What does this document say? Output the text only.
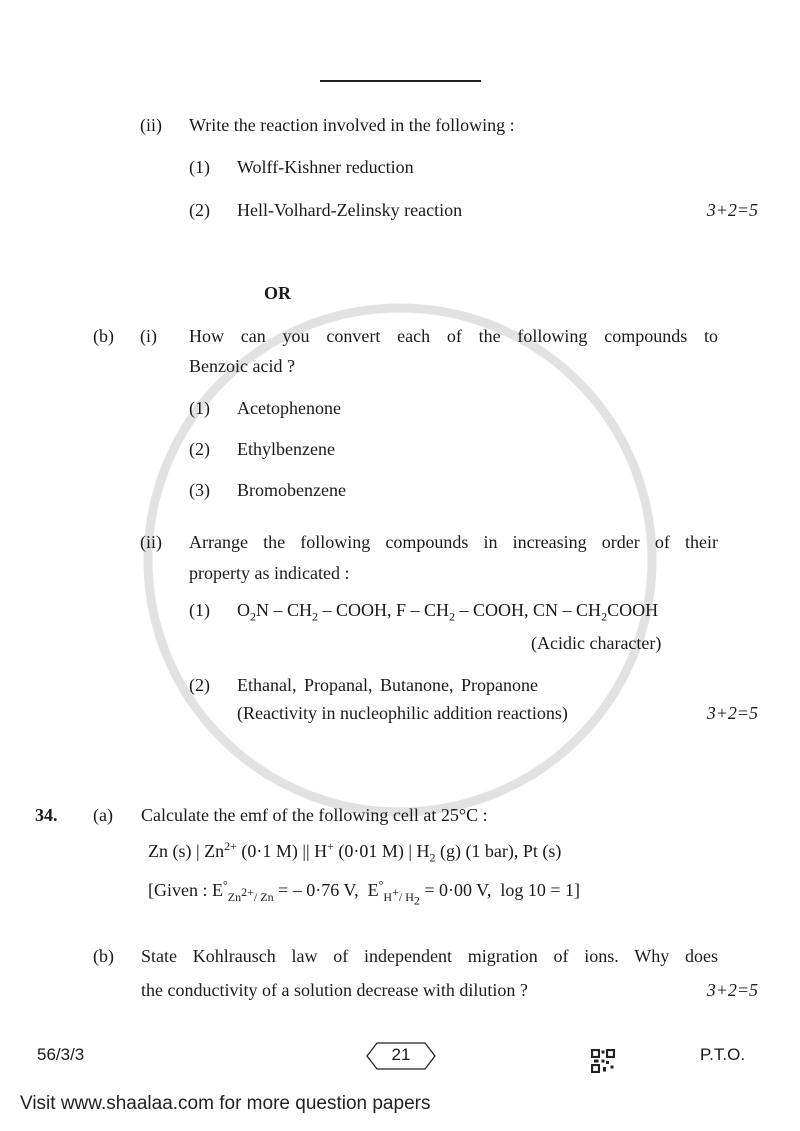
(ii) Write the reaction involved in the following :
(1) Wolff-Kishner reduction
(2) Hell-Volhard-Zelinsky reaction	3+2=5
OR
(b) (i) How can you convert each of the following compounds to
Benzoic acid ?
(1) Acetophenone
(2) Ethylbenzene
(3) Bromobenzene
(ii) Arrange the following compounds in increasing order of their
property as indicated :
(1) $O_2N - CH_2$ – COOH, F – $CH_2$ – COOH, CN – $CH_2COOH$
(Acidic character)
(2) Ethanal, Propanal, Butanone, Propanone
(Reactivity in nucleophilic addition reactions)	3+2=5
34. (a) Calculate the emf of the following cell at 25°C :
Zn (s) | $Zn^{2+}$ (0·1 M) || H+ (0·01 M) | $H_2$ (g) (1 bar), Pt (s)
[Given : $E^\circ_{Zn^{2+}/ Zn}$ = – 0·76 V,  $E^\circ_{H^+/ H_2} = 0\cdot 00$ V,  log 10 = 1]
(b) State Kohlrausch law of independent migration of ions. Why does
the conductivity of a solution decrease with dilution ?	3+2=5
56/3/3	21	P.T.O.
Visit www.shaalaa.com for more question papers
